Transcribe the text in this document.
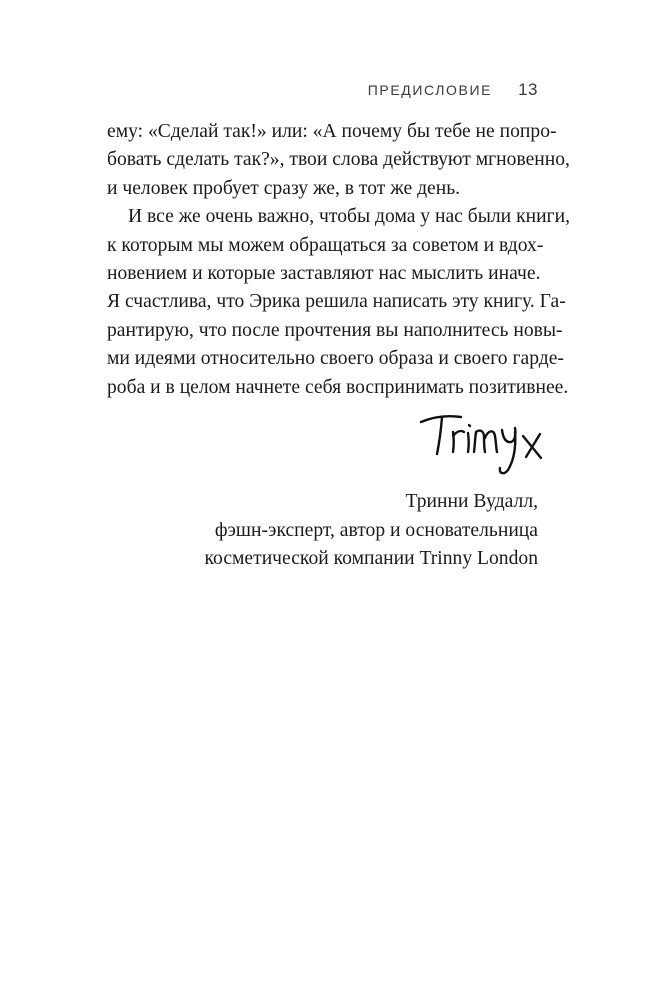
ПРЕДИСЛОВИЕ 13
ему: «Сделай так!» или: «А почему бы тебе не попро-
бовать сделать так?», твои слова действуют мгновенно,
и человек пробует сразу же, в тот же день.
И все же очень важно, чтобы дома у нас были книги,
к которым мы можем обращаться за советом и вдох-
новением и которые заставляют нас мыслить иначе.
Я счастлива, что Эрика решила написать эту книгу. Га-
рантирую, что после прочтения вы наполнитесь новы-
ми идеями относительно своего образа и своего гарде-
роба и в целом начнете себя воспринимать позитивнее.
Тринни Вудалл,
фэшн-эксперт, автор и основательница
косметической компании Trinny London
